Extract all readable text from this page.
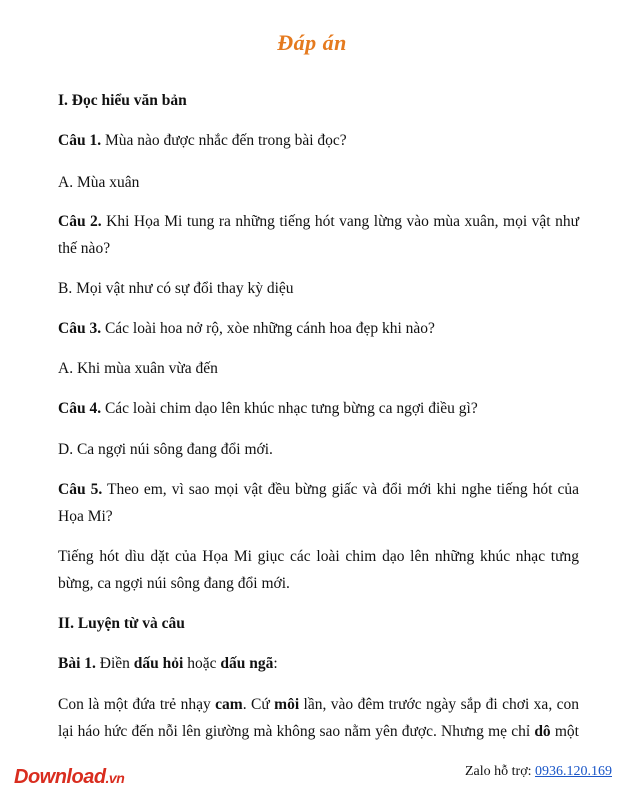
Đáp án
I. Đọc hiểu văn bản
Câu 1. Mùa nào được nhắc đến trong bài đọc?
A. Mùa xuân
Câu 2. Khi Họa Mi tung ra những tiếng hót vang lừng vào mùa xuân, mọi vật như
thế nào?
B. Mọi vật như có sự đổi thay kỳ diệu
Câu 3. Các loài hoa nở rộ, xòe những cánh hoa đẹp khi nào?
A. Khi mùa xuân vừa đến
Câu 4. Các loài chim dạo lên khúc nhạc tưng bừng ca ngợi điều gì?
D. Ca ngợi núi sông đang đổi mới.
Câu 5. Theo em, vì sao mọi vật đều bừng giấc và đổi mới khi nghe tiếng hót của
Họa Mi?
Tiếng hót dìu dặt của Họa Mi giục các loài chim dạo lên những khúc nhạc tưng
bừng, ca ngợi núi sông đang đổi mới.
II. Luyện từ và câu
Bài 1. Điền dấu hỏi hoặc dấu ngã:
Con là một đứa trẻ nhạy cam. Cứ môi lần, vào đêm trước ngày sắp đi chơi xa, con
lại háo hức đến nỗi lên giường mà không sao nằm yên được. Nhưng mẹ chỉ dô một
Download.vn	Zalo hỗ trợ: 0936.120.169
